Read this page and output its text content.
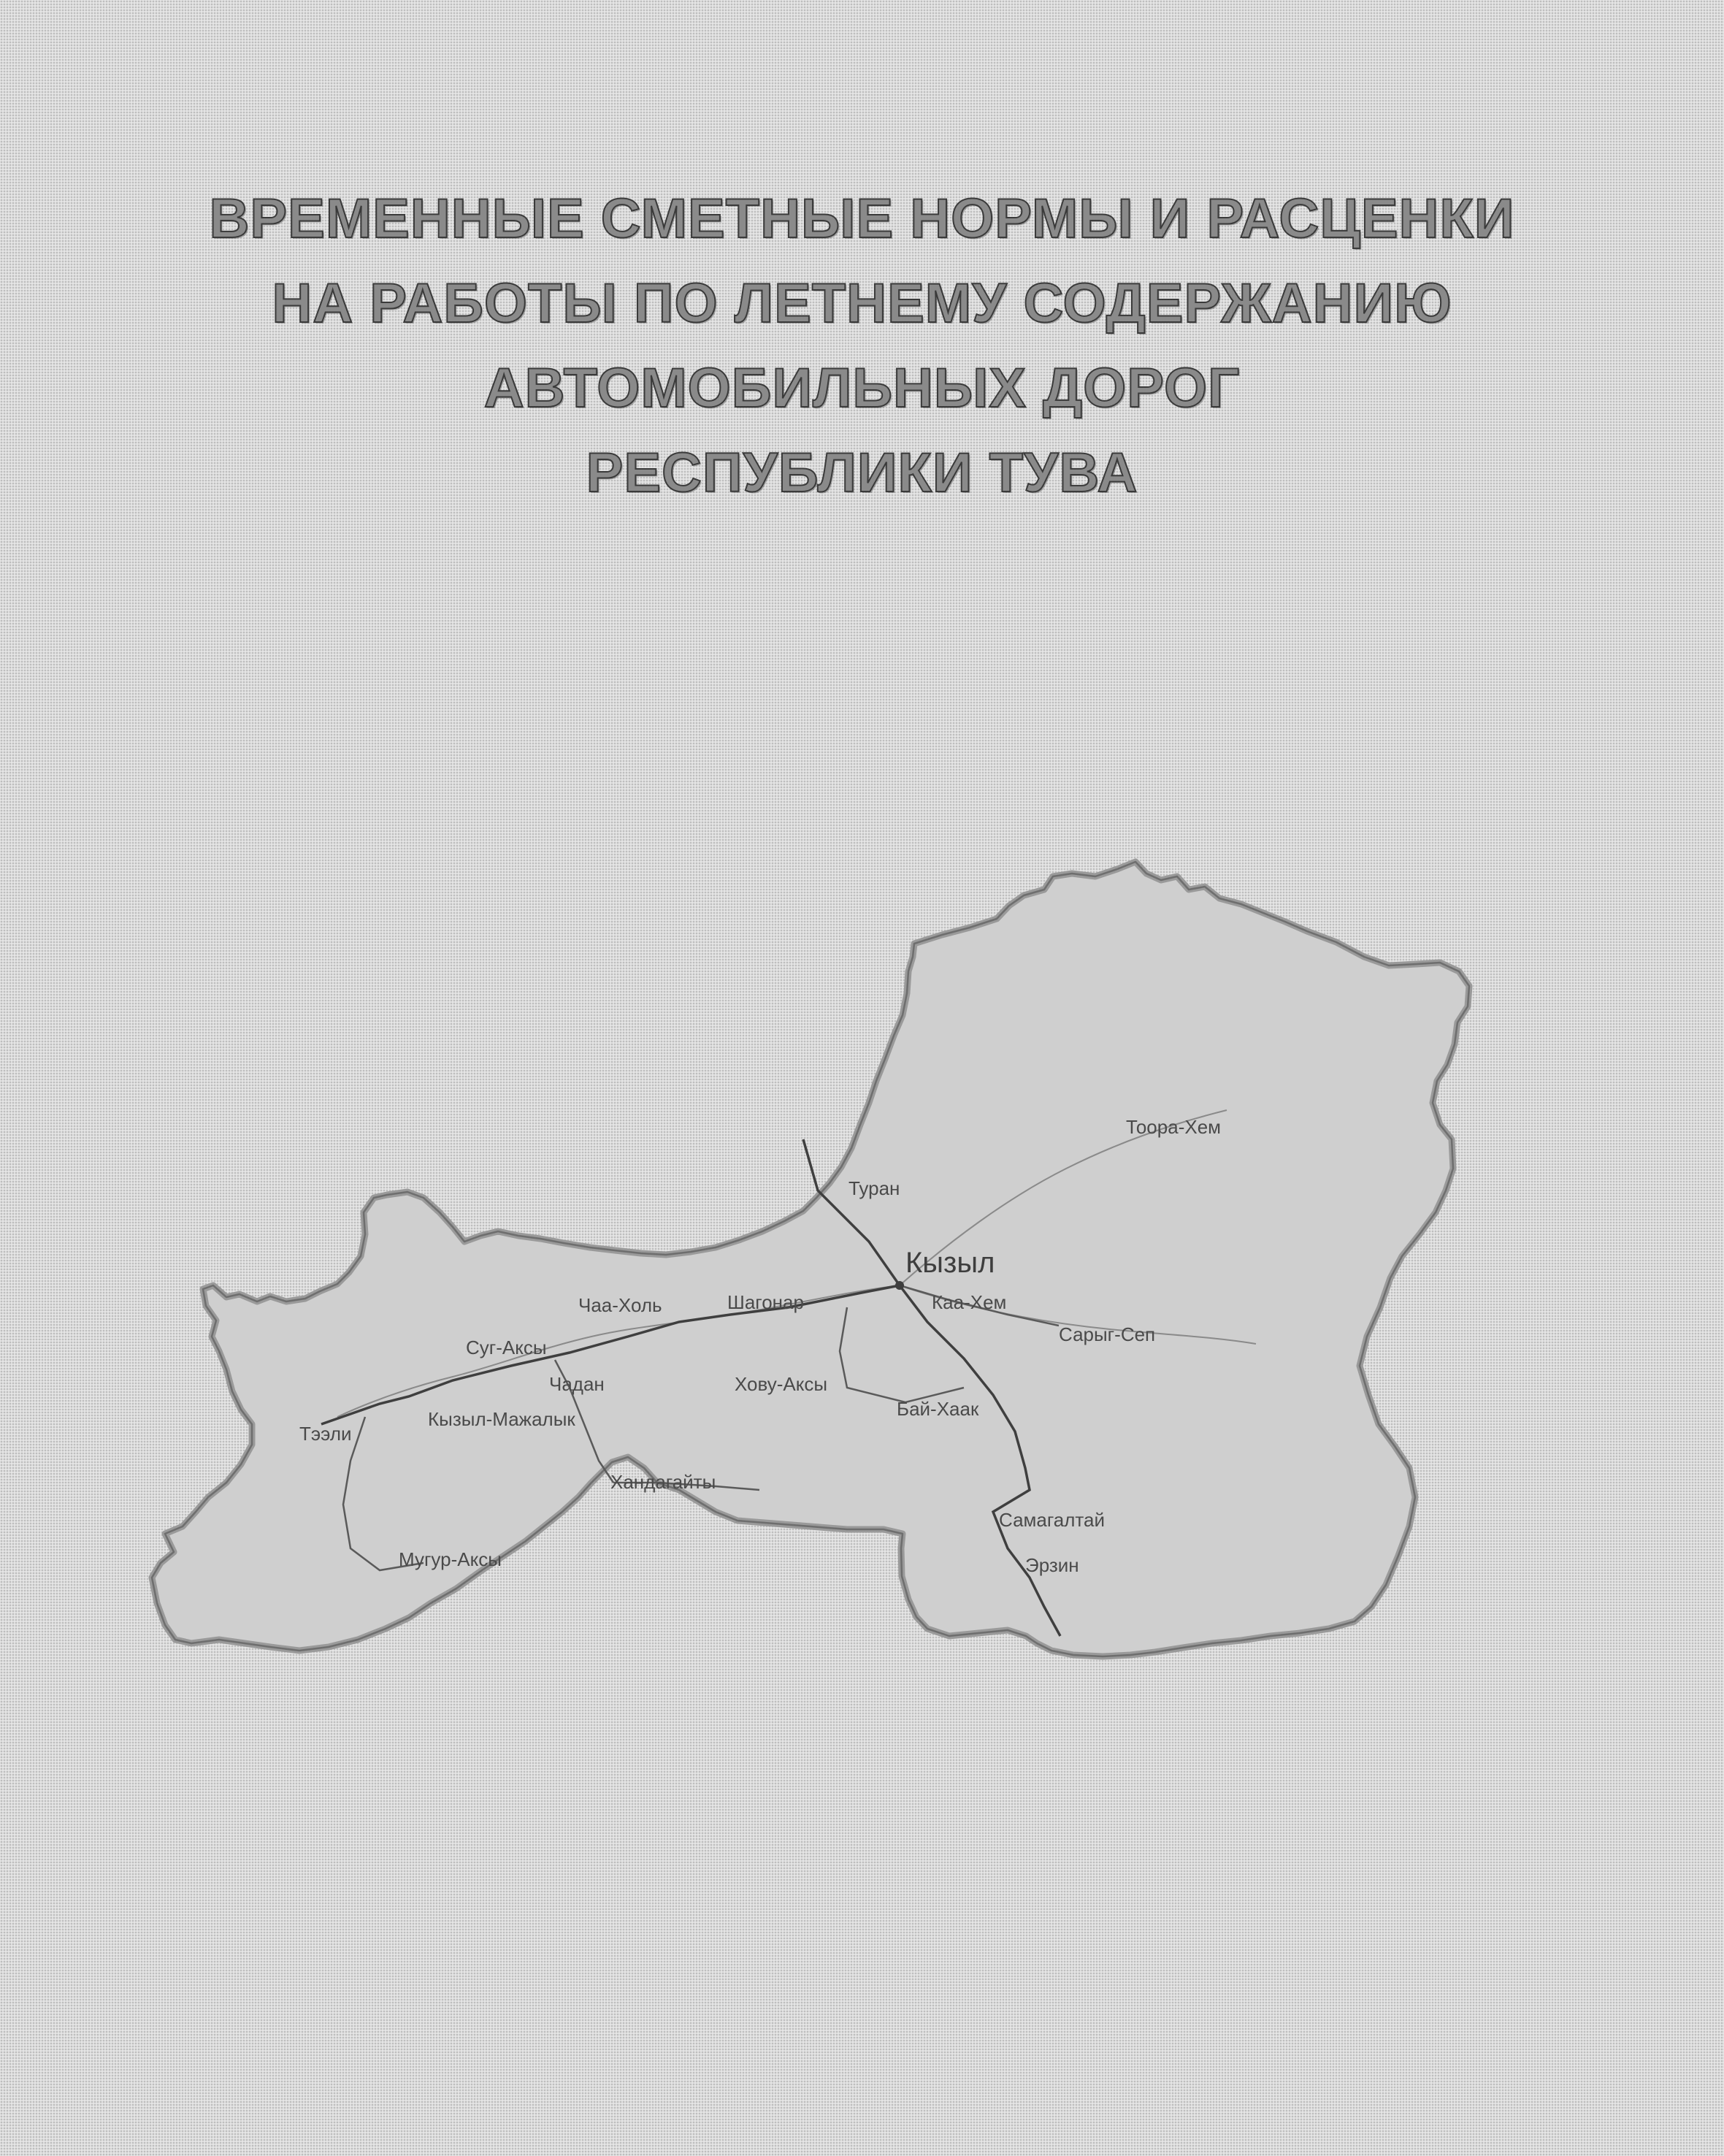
ВРЕМЕННЫЕ СМЕТНЫЕ НОРМЫ И РАСЦЕНКИ
НА РАБОТЫ ПО ЛЕТНЕМУ СОДЕРЖАНИЮ
АВТОМОБИЛЬНЫХ ДОРОГ
РЕСПУБЛИКИ ТУВА
Кызыл
Тоора-Хем
Туран
Чаа-Холь	Шагонар	Каа-Хем
Сарыг-Сеп
Суг-Аксы
Чадан	Хову-Аксы
Тээли
Кызыл-Мажалык	Бай-Хаак
Хандагайты
Самагалтай
Мугур-Аксы	Эрзин
